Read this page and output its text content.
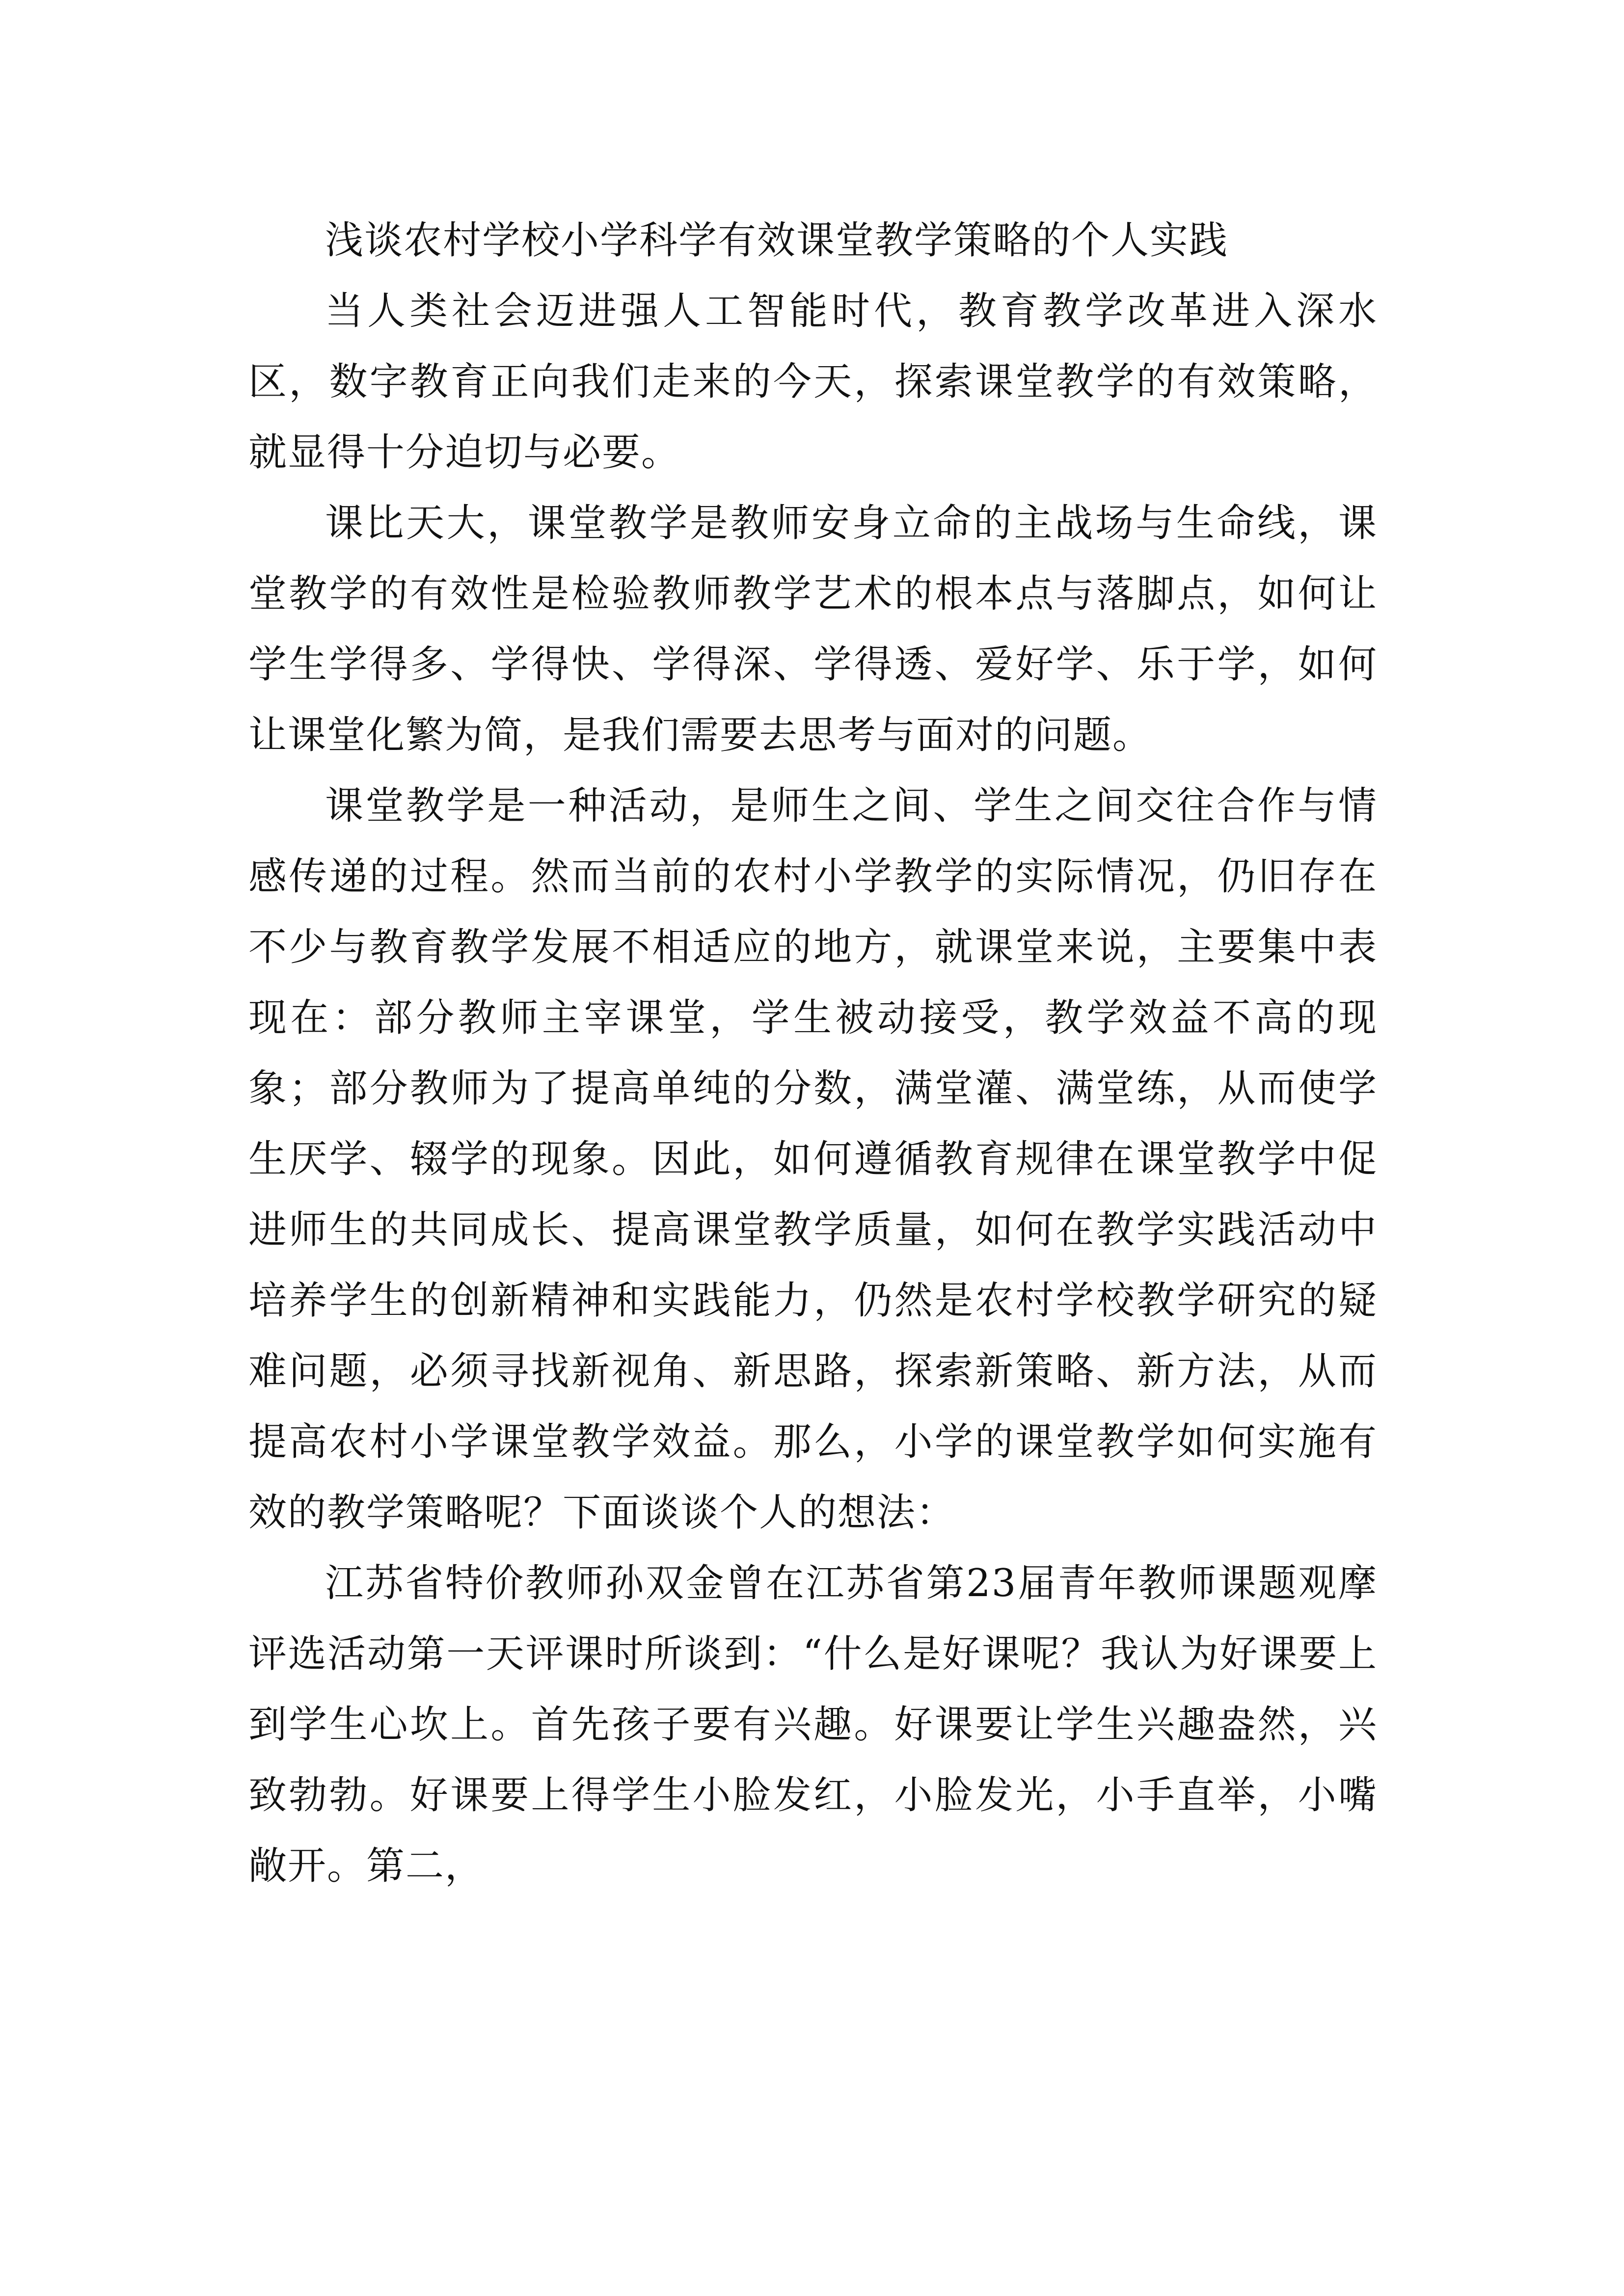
浅谈农村学校小学科学有效课堂教学策略的个人实践

当人类社会迈进强人工智能时代，教育教学改革进入深水区，数字教育正向我们走来的今天，探索课堂教学的有效策略，就显得十分迫切与必要。

课比天大，课堂教学是教师安身立命的主战场与生命线，课堂教学的有效性是检验教师教学艺术的根本点与落脚点，如何让学生学得多、学得快、学得深、学得透、爱好学、乐于学，如何让课堂化繁为简，是我们需要去思考与面对的问题。

课堂教学是一种活动，是师生之间、学生之间交往合作与情感传递的过程。然而当前的农村小学教学的实际情况，仍旧存在不少与教育教学发展不相适应的地方，就课堂来说，主要集中表现在：部分教师主宰课堂，学生被动接受，教学效益不高的现象；部分教师为了提高单纯的分数，满堂灌、满堂练，从而使学生厌学、辍学的现象。因此，如何遵循教育规律在课堂教学中促进师生的共同成长、提高课堂教学质量，如何在教学实践活动中培养学生的创新精神和实践能力，仍然是农村学校教学研究的疑难问题，必须寻找新视角、新思路，探索新策略、新方法，从而提高农村小学课堂教学效益。那么，小学的课堂教学如何实施有效的教学策略呢？下面谈谈个人的想法：

江苏省特价教师孙双金曾在江苏省第23届青年教师课题观摩评选活动第一天评课时所谈到：“什么是好课呢？我认为好课要上到学生心坎上。首先孩子要有兴趣。好课要让学生兴趣盎然，兴致勃勃。好课要上得学生小脸发红，小脸发光，小手直举，小嘴敞开。第二，
